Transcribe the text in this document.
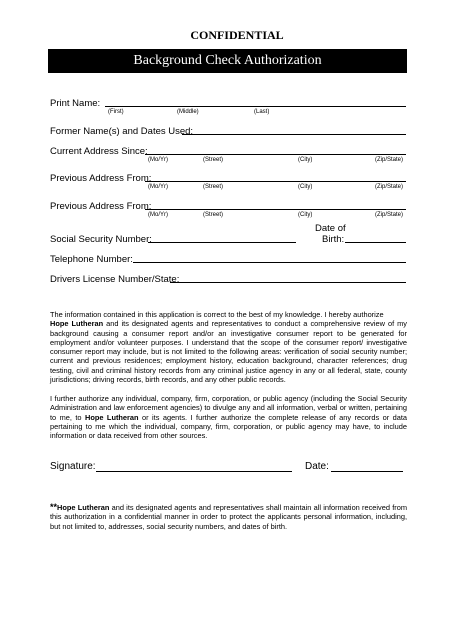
CONFIDENTIAL
Background Check Authorization
Print Name:
(First)	(Middle)	(Last)
Former Name(s) and Dates Used:
Current Address Since:
(Mo/Yr)	(Street)	(City)	(Zip/State)
Previous Address From:
(Mo/Yr)	(Street)	(City)	(Zip/State)
Previous Address From:
(Mo/Yr)	(Street)	(City)	(Zip/State)
Social Security Number:
Date of
Birth:
Telephone Number:
Drivers License Number/State:
The information contained in this application is correct to the best of my knowledge. I hereby authorize
Hope Lutheran and its designated agents and representatives to conduct a comprehensive review of my background causing a consumer report and/or an investigative consumer report to be generated for employment and/or volunteer purposes. I understand that the scope of the consumer report/ investigative consumer report may include, but is not limited to the following areas: verification of social security number; current and previous residences; employment history, education background, character references; drug testing, civil and criminal history records from any criminal justice agency in any or all federal, state, county jurisdictions; driving records, birth records, and any other public records.
I further authorize any individual, company, firm, corporation, or public agency (including the Social Security Administration and law enforcement agencies) to divulge any and all information, verbal or written, pertaining to me, to Hope Lutheran or its agents. I further authorize the complete release of any records or data pertaining to me which the individual, company, firm, corporation, or public agency may have, to include information or data received from other sources.
Signature:	Date:
**Hope Lutheran and its designated agents and representatives shall maintain all information received from this authorization in a confidential manner in order to protect the applicants personal information, including, but not limited to, addresses, social security numbers, and dates of birth.
